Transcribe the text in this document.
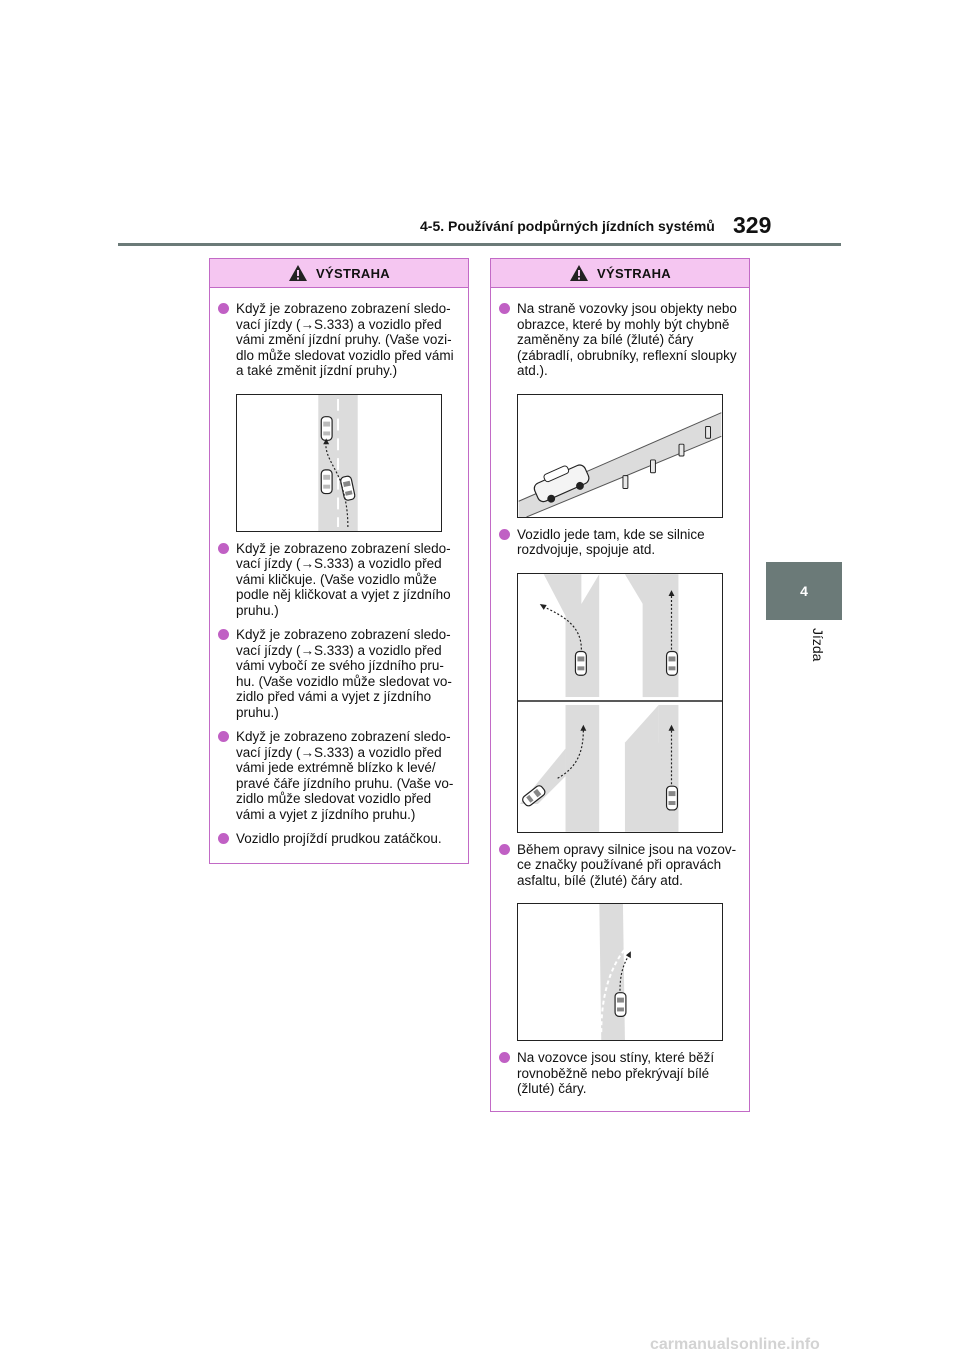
4-5. Používání podpůrných jízdních systémů 329
4
Jízda
VÝSTRAHA
Když je zobrazeno zobrazení sledo-vací jízdy (→S.333) a vozidlo před vámi změní jízdní pruhy. (Vaše vozi-dlo může sledovat vozidlo před vámi a také změnit jízdní pruhy.)
Když je zobrazeno zobrazení sledo-vací jízdy (→S.333) a vozidlo před vámi kličkuje. (Vaše vozidlo může podle něj kličkovat a vyjet z jízdního pruhu.)
Když je zobrazeno zobrazení sledo-vací jízdy (→S.333) a vozidlo před vámi vybočí ze svého jízdního pru-hu. (Vaše vozidlo může sledovat vo-zidlo před vámi a vyjet z jízdního pruhu.)
Když je zobrazeno zobrazení sledo-vací jízdy (→S.333) a vozidlo před vámi jede extrémně blízko k levé/ pravé čáře jízdního pruhu. (Vaše vo-zidlo může sledovat vozidlo před vámi a vyjet z jízdního pruhu.)
Vozidlo projíždí prudkou zatáčkou.
VÝSTRAHA
Na straně vozovky jsou objekty nebo obrazce, které by mohly být chybně zaměněny za bílé (žluté) čáry (zábradlí, obrubníky, reflexní sloupky atd.).
Vozidlo jede tam, kde se silnice rozdvojuje, spojuje atd.
Během opravy silnice jsou na vozov-ce značky používané při opravách asfaltu, bílé (žluté) čáry atd.
Na vozovce jsou stíny, které běží rovnoběžně nebo překrývají bílé (žluté) čáry.
carmanualsonline.info
